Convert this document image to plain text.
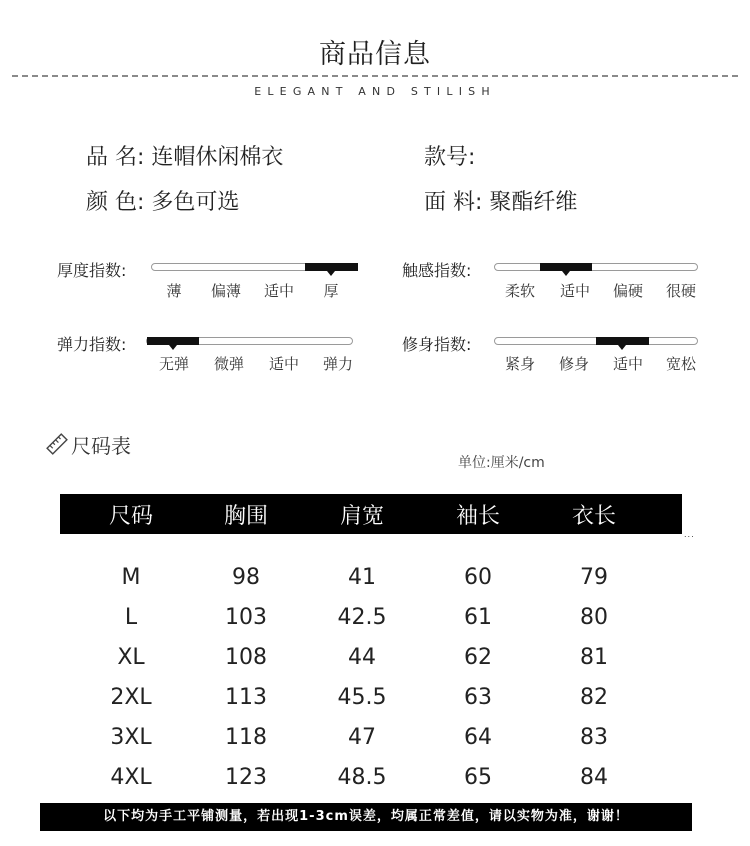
商品信息
ELEGANT AND STILISH
品 名: 连帽休闲棉衣	款号:
颜 色: 多色可选	面 料: 聚酯纤维
厚度指数:
薄 偏薄 适中 厚
触感指数:
柔软 适中 偏硬 很硬
弹力指数:
无弹 微弹 适中 弹力
修身指数:
紧身 修身 适中 宽松
尺码表
单位:厘米/cm
尺码	胸围	肩宽	袖长	衣长
...
M	98	41	60	79
L	103	42.5	61	80
XL	108	44	62	81
2XL	113	45.5	63	82
3XL	118	47	64	83
4XL	123	48.5	65	84
以下均为手工平铺测量，若出现1-3cm误差，均属正常差值，请以实物为准，谢谢！
